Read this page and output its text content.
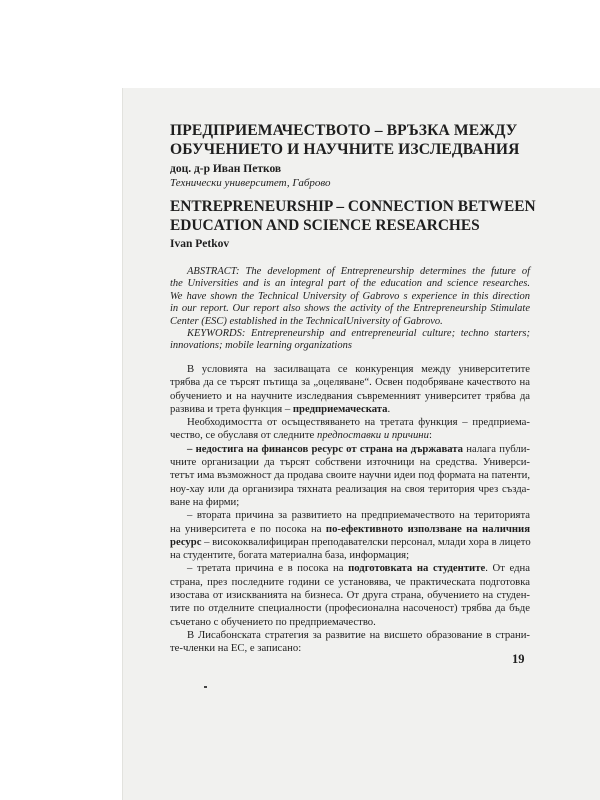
ПРЕДПРИЕМАЧЕСТВОТО – ВРЪЗКА МЕЖДУ
ОБУЧЕНИЕТО И НАУЧНИТЕ ИЗСЛЕДВАНИЯ
доц. д-р Иван Петков
Технически университет, Габрово
ENTREPRENEURSHIP – CONNECTION BETWEEN
EDUCATION AND SCIENCE RESEARCHES
Ivan Petkov
ABSTRACT: The development of Entrepreneurship determines the future of
the Universities and is an integral part of the education and science researches.
We have shown the Technical University of Gabrovo s experience in this direction
in our report. Our report also shows the activity of the Entrepreneurship Stimulate
Center (ESC) established in the TechnicalUniversity of Gabrovo.
KEYWORDS: Entrepreneurship and entrepreneurial culture; techno starters;
innovations; mobile learning organizations
В условията на засилващата се конкуренция между университетите
трябва да се търсят пътища за „оцеляване“. Освен подобряване качеството на
обучението и на научните изследвания съвременният университет трябва да
развива и трета функция – предприемаческата.
Необходимостта от осъществяването на третата функция – предприема-
чество, се обуславя от следните предпоставки и причини:
– недостига на финансов ресурс от страна на държавата налага публи-
чните организации да търсят собствени източници на средства. Универси-
тетът има възможност да продава своите научни идеи под формата на патенти,
ноу-хау или да организира тяхната реализация на своя територия чрез създа-
ване на фирми;
– втората причина за развитието на предприемачеството на територията
на университета е по посока на по-ефективното използване на наличния
ресурс – висококвалифициран преподавателски персонал, млади хора в лицето
на студентите, богата материална база, информация;
– третата причина е в посока на подготовката на студентите. От една
страна, през последните години се установява, че практическата подготовка
изостава от изискванията на бизнеса. От друга страна, обучението на студен-
тите по отделните специалности (професионална насоченост) трябва да бъде
съчетано с обучението по предприемачество.
В Лисабонската стратегия за развитие на висшето образование в страни-
те-членки на ЕС, е записано:
19
